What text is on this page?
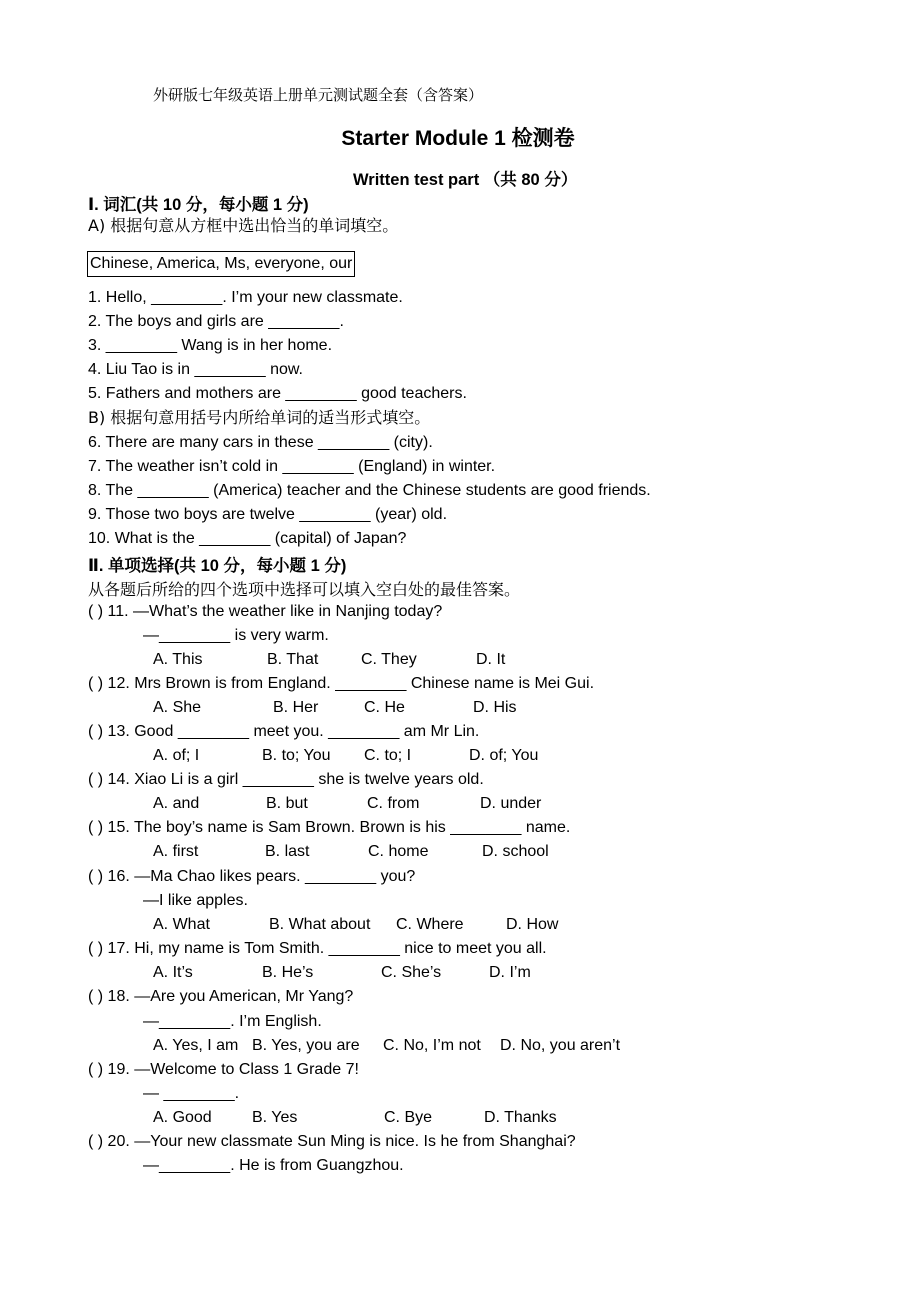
外研版七年级英语上册单元测试题全套（含答案）
Starter Module 1 检测卷
Written test part （共 80 分）
Ⅰ. 词汇(共 10 分，每小题 1 分)
A) 根据句意从方框中选出恰当的单词填空。
Chinese, America, Ms, everyone, our
1. Hello, ________. I’m your new classmate.
2. The boys and girls are ________.
3. ________ Wang is in her home.
4. Liu Tao is in ________ now.
5. Fathers and mothers are ________ good teachers.
B) 根据句意用括号内所给单词的适当形式填空。
6. There are many cars in these ________ (city).
7. The weather isn’t cold in ________ (England) in winter.
8. The ________ (America) teacher and the Chinese students are good friends.
9. Those two boys are twelve ________ (year) old.
10. What is the ________ (capital) of Japan?
Ⅱ. 单项选择(共 10 分，每小题 1 分)
从各题后所给的四个选项中选择可以填入空白处的最佳答案。
( ) 11. —What’s the weather like in Nanjing today?
—________ is very warm.
A. This	B. That	C. They	D. It
( ) 12. Mrs Brown is from England. ________ Chinese name is Mei Gui.
A. She	B. Her	C. He	D. His
( ) 13. Good ________ meet you. ________ am Mr Lin.
A. of; I	B. to; You C. to; I	D. of; You
( ) 14. Xiao Li is a girl ________ she is twelve years old.
A. and	B. but	C. from	D. under
( ) 15. The boy’s name is Sam Brown. Brown is his ________ name.
A. first	B. last	C. home	D. school
( ) 16. —Ma Chao likes pears. ________ you?
—I like apples.
A. What	B. What about C. Where	D. How
( ) 17. Hi, my name is Tom Smith. ________ nice to meet you all.
A. It’s	B. He’s	C. She’s	D. I’m
( ) 18. —Are you American, Mr Yang?
—________. I’m English.
A. Yes, I am B. Yes, you are C. No, I’m not D. No, you aren’t
( ) 19. —Welcome to Class 1 Grade 7!
— ________.
A. Good	B. Yes	C. Bye	D. Thanks
( ) 20. —Your new classmate Sun Ming is nice. Is he from Shanghai?
—________. He is from Guangzhou.
